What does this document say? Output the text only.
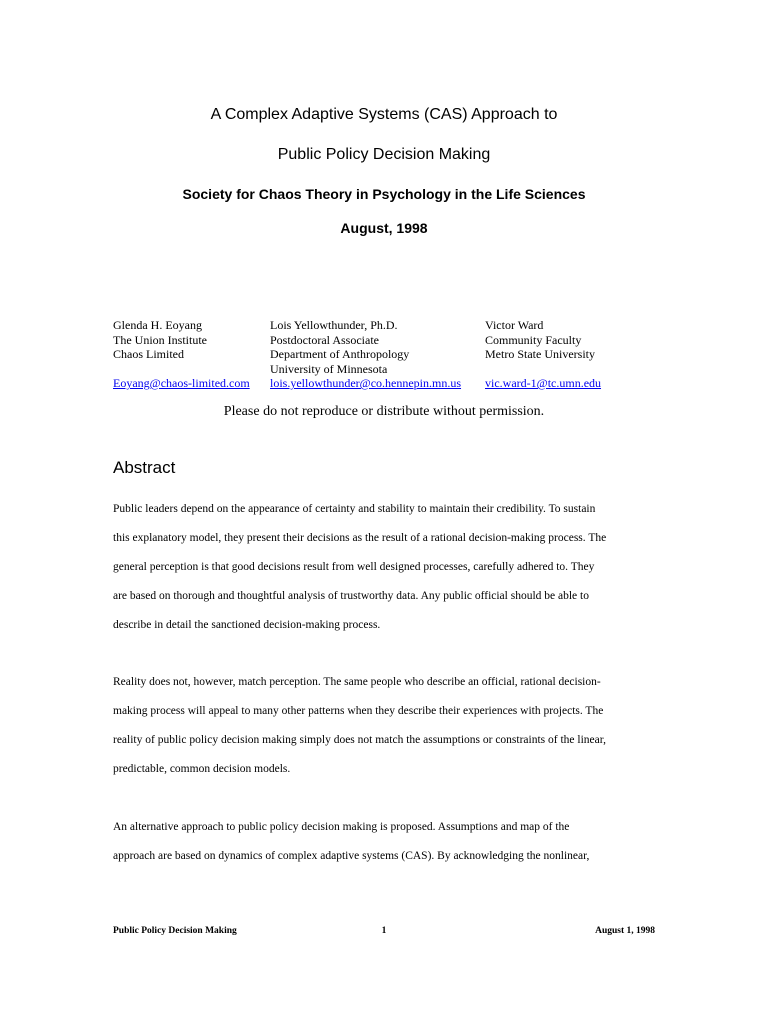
A Complex Adaptive Systems (CAS) Approach to
Public Policy Decision Making
Society for Chaos Theory in Psychology in the Life Sciences
August, 1998
Glenda H. Eoyang
The Union Institute
Chaos Limited
Eoyang@chaos-limited.com
Lois Yellowthunder, Ph.D.
Postdoctoral Associate
Department of Anthropology
University of Minnesota
lois.yellowthunder@co.hennepin.mn.us
Victor Ward
Community Faculty
Metro State University
vic.ward-1@tc.umn.edu
Please do not reproduce or distribute without permission.
Abstract
Public leaders depend on the appearance of certainty and stability to maintain their credibility. To sustain
this explanatory model, they present their decisions as the result of a rational decision-making process. The
general perception is that good decisions result from well designed processes, carefully adhered to. They
are based on thorough and thoughtful analysis of trustworthy data. Any public official should be able to
describe in detail the sanctioned decision-making process.
Reality does not, however, match perception. The same people who describe an official, rational decision-
making process will appeal to many other patterns when they describe their experiences with projects. The
reality of public policy decision making simply does not match the assumptions or constraints of the linear,
predictable, common decision models.
An alternative approach to public policy decision making is proposed. Assumptions and map of the
approach are based on dynamics of complex adaptive systems (CAS). By acknowledging the nonlinear,
Public Policy Decision Making	1	August 1, 1998
